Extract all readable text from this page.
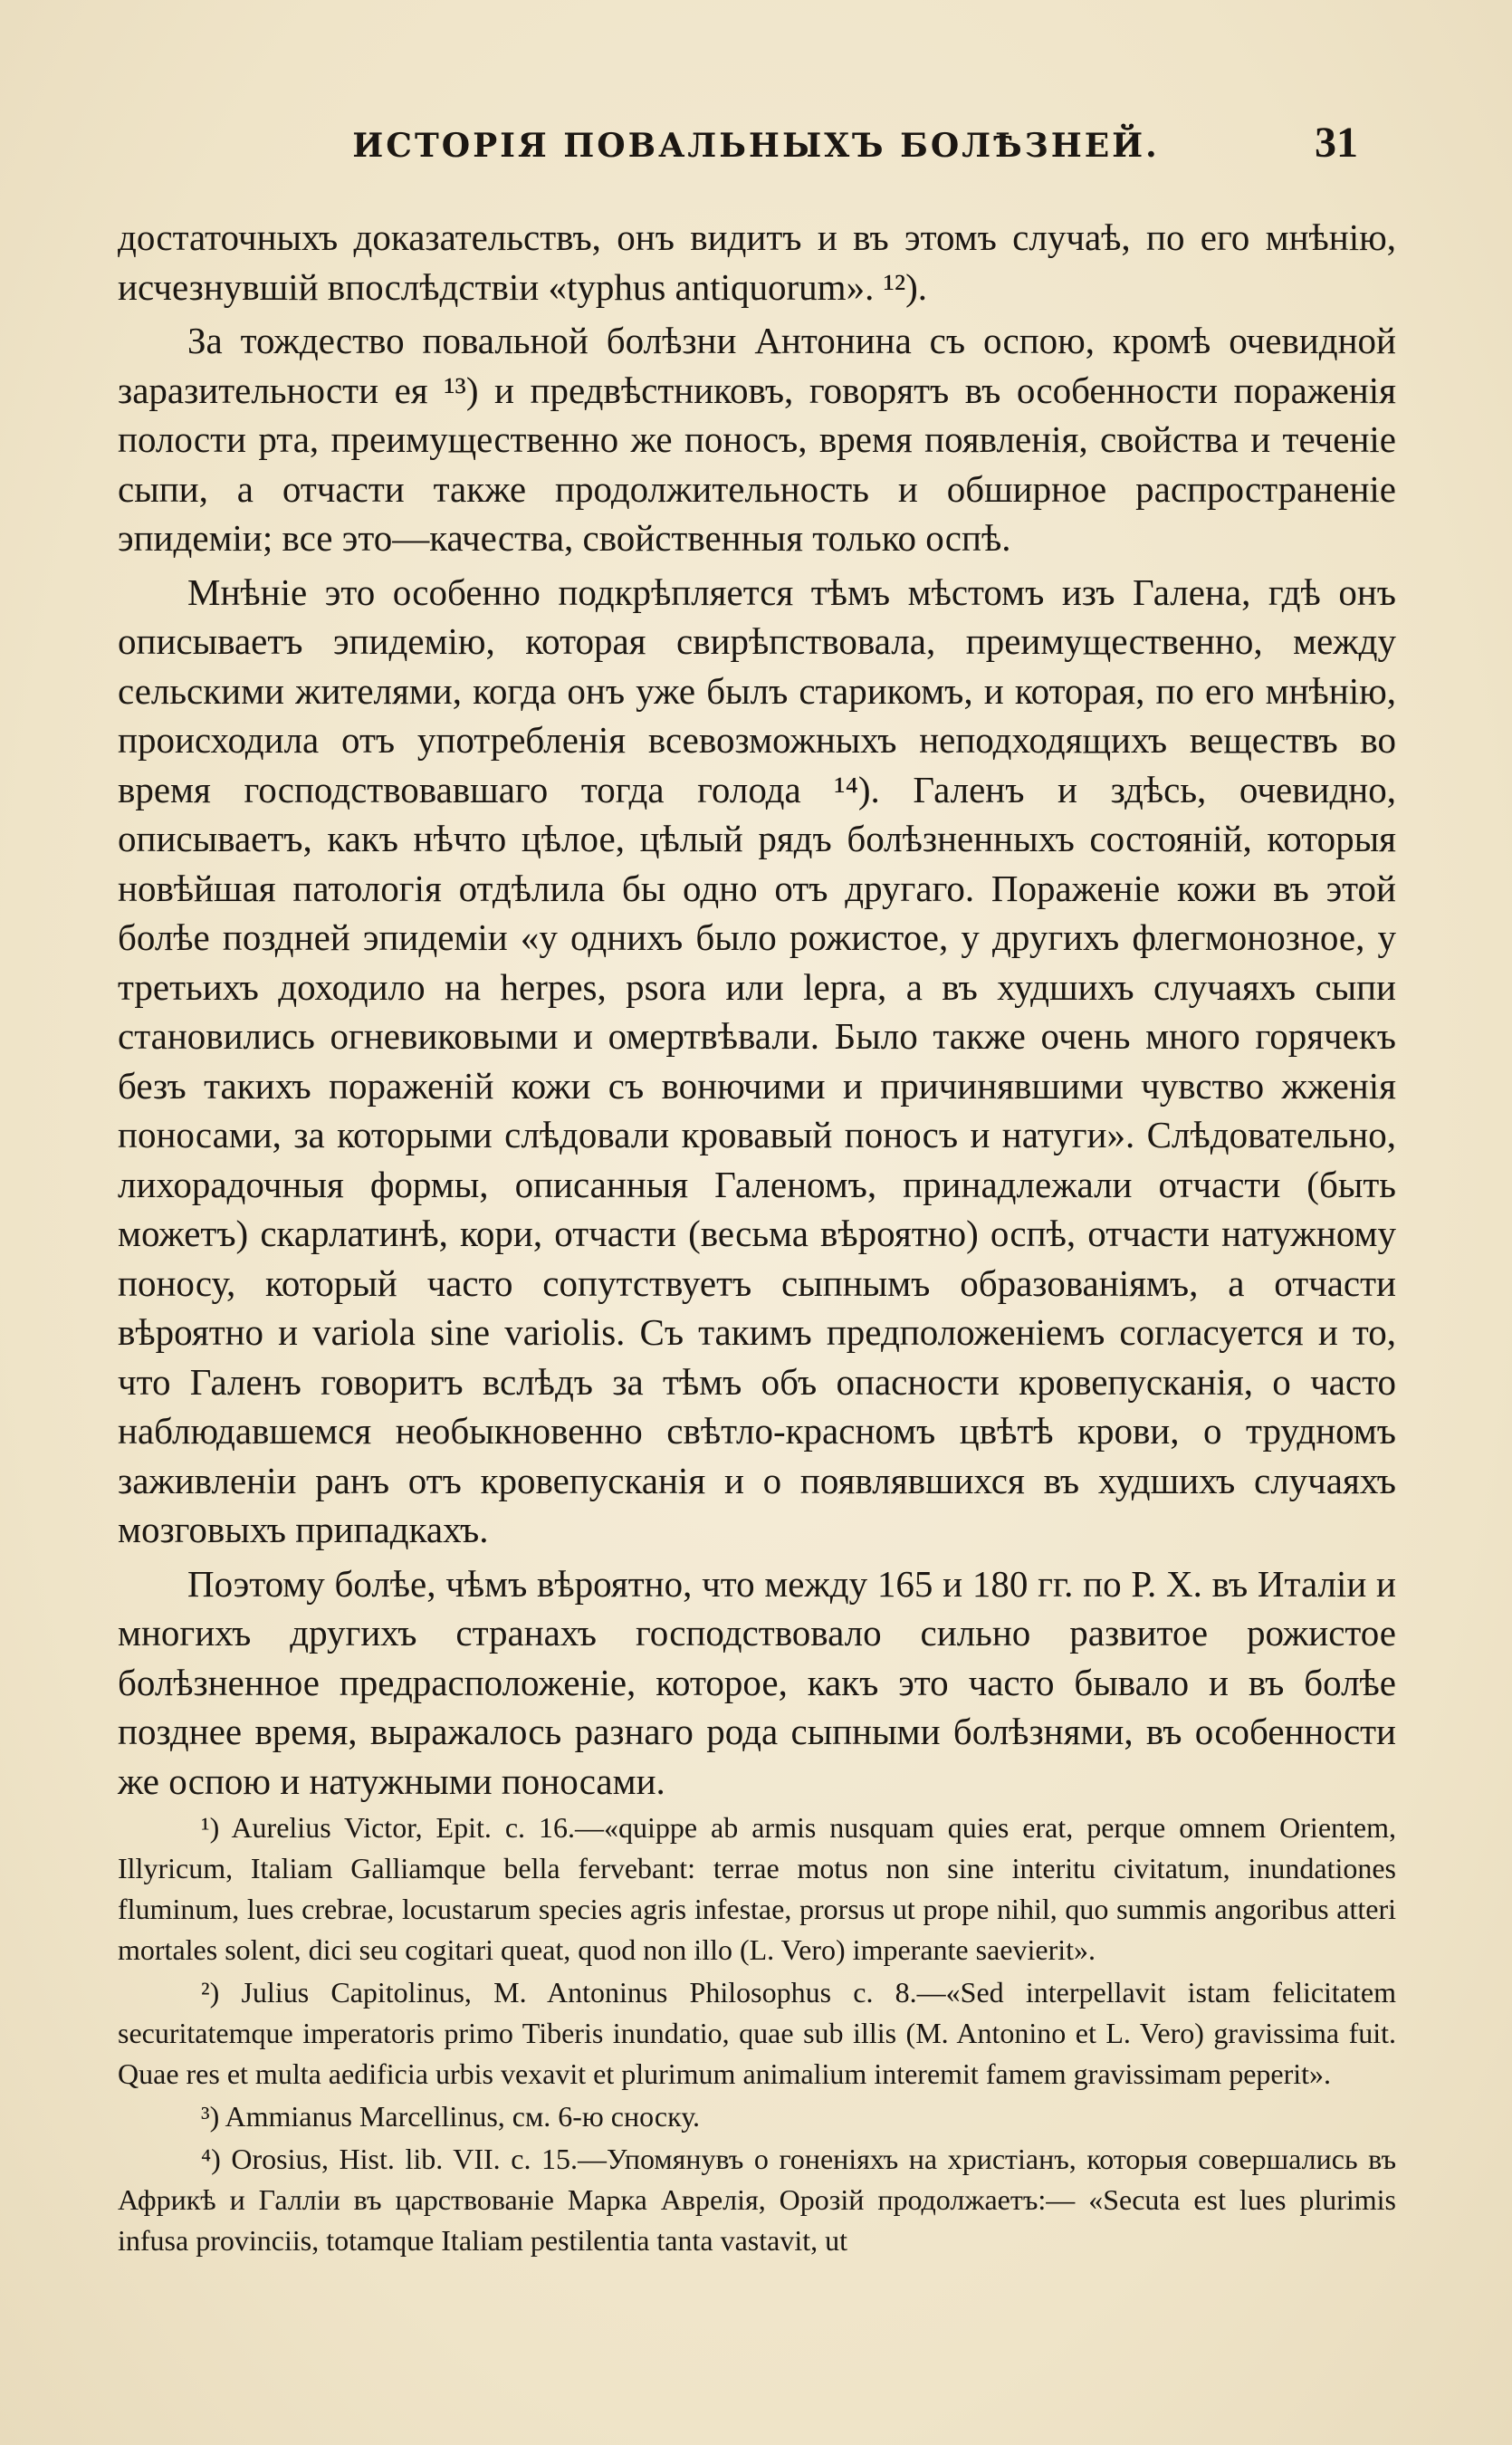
ИСТОРІЯ ПОВАЛЬНЫХЪ БОЛѢЗНЕЙ.	31

достаточныхъ доказательствъ, онъ видитъ и въ этомъ случаѣ, по его мнѣнію, исчезнувшій впослѣдствіи «typhus antiquorum». ¹²).

За тождество повальной болѣзни Антонина съ оспою, кромѣ очевидной заразительности ея ¹³) и предвѣстниковъ, говорятъ въ особенности пораженія полости рта, преимущественно же поносъ, время появленія, свойства и теченіе сыпи, а отчасти также продолжительность и обширное распространеніе эпидеміи; все это—качества, свойственныя только оспѣ.

Мнѣніе это особенно подкрѣпляется тѣмъ мѣстомъ изъ Галена, гдѣ онъ описываетъ эпидемію, которая свирѣпствовала, преимущественно, между сельскими жителями, когда онъ уже былъ старикомъ, и которая, по его мнѣнію, происходила отъ употребленія всевозможныхъ неподходящихъ веществъ во время господствовавшаго тогда голода ¹⁴). Галенъ и здѣсь, очевидно, описываетъ, какъ нѣчто цѣлое, цѣлый рядъ болѣзненныхъ состояній, которыя новѣйшая патологія отдѣлила бы одно отъ другаго. Пораженіе кожи въ этой болѣе поздней эпидеміи «у однихъ было рожистое, у другихъ флегмонозное, у третьихъ доходило на herpes, psora или lepra, а въ худшихъ случаяхъ сыпи становились огневиковыми и омертвѣвали. Было также очень много горячекъ безъ такихъ пораженій кожи съ вонючими и причинявшими чувство жженія поносами, за которыми слѣдовали кровавый поносъ и натуги». Слѣдовательно, лихорадочныя формы, описанныя Галеномъ, принадлежали отчасти (быть можетъ) скарлатинѣ, кори, отчасти (весьма вѣроятно) оспѣ, отчасти натужному поносу, который часто сопутствуетъ сыпнымъ образованіямъ, а отчасти вѣроятно и variola sine variolis. Съ такимъ предположеніемъ согласуется и то, что Галенъ говоритъ вслѣдъ за тѣмъ объ опасности кровепусканія, о часто наблюдавшемся необыкновенно свѣтло-красномъ цвѣтѣ крови, о трудномъ заживленіи ранъ отъ кровепусканія и о появлявшихся въ худшихъ случаяхъ мозговыхъ припадкахъ.

Поэтому болѣе, чѣмъ вѣроятно, что между 165 и 180 гг. по Р. Х. въ Италіи и многихъ другихъ странахъ господствовало сильно развитое рожистое болѣзненное предрасположеніе, которое, какъ это часто бывало и въ болѣе позднее время, выражалось разнаго рода сыпными болѣзнями, въ особенности же оспою и натужными поносами.

¹) Aurelius Victor, Epit. c. 16.—«quippe ab armis nusquam quies erat, perque omnem Orientem, Illyricum, Italiam Galliamque bella fervebant: terrae motus non sine interitu civitatum, inundationes fluminum, lues crebrae, locustarum species agris infestae, prorsus ut prope nihil, quo summis angoribus atteri mortales solent, dici seu cogitari queat, quod non illo (L. Vero) imperante saevierit».

²) Julius Capitolinus, M. Antoninus Philosophus c. 8.—«Sed interpellavit istam felicitatem securitatemque imperatoris primo Tiberis inundatio, quae sub illis (M. Antonino et L. Vero) gravissima fuit. Quae res et multa aedificia urbis vexavit et plurimum animalium interemit famem gravissimam peperit».

³) Ammianus Marcellinus, см. 6-ю сноску.

⁴) Orosius, Hist. lib. VII. c. 15.—Упомянувъ о гоненіяхъ на христіанъ, которыя совершались въ Африкѣ и Галліи въ царствованіе Марка Аврелія, Орозій продолжаетъ:— «Secuta est lues plurimis infusa provinciis, totamque Italiam pestilentia tanta vastavit, ut
